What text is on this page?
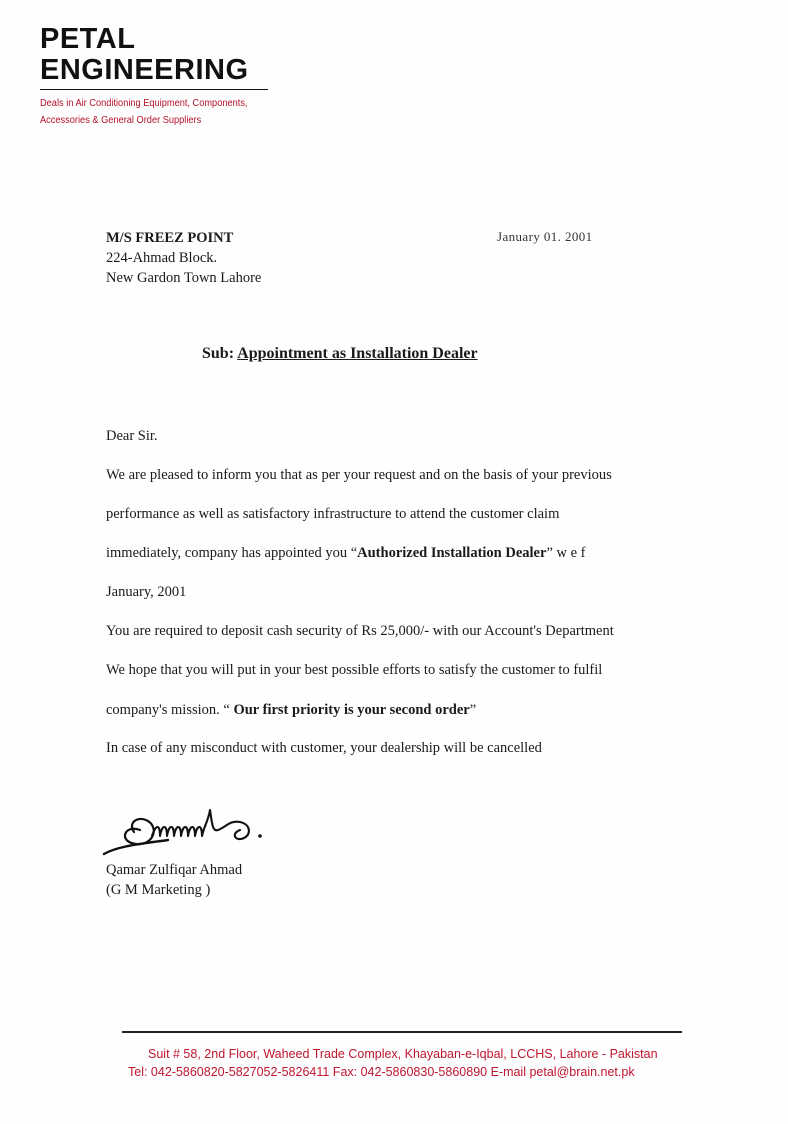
PETAL
ENGINEERING
Deals in Air Conditioning Equipment, Components,
Accessories & General Order Suppliers
M/S FREEZ POINT
224-Ahmad Block.
New Gardon Town Lahore
January 01. 2001
Sub: Appointment as Installation Dealer
Dear Sir.
We are pleased to inform you that as per your request and on the basis of your previous
performance as well as satisfactory infrastructure to attend the customer claim
immediately, company has appointed you “Authorized Installation Dealer” w e f
January, 2001
You are required to deposit cash security of Rs 25,000/- with our Account's Department
We hope that you will put in your best possible efforts to satisfy the customer to fulfil
company's mission. “ Our first priority is your second order”
In case of any misconduct with customer, your dealership will be cancelled
Qamar Zulfiqar Ahmad
(G M Marketing )
Suit # 58, 2nd Floor, Waheed Trade Complex, Khayaban-e-Iqbal, LCCHS, Lahore - Pakistan
Tel: 042-5860820-5827052-5826411 Fax: 042-5860830-5860890 E-mail petal@brain.net.pk
